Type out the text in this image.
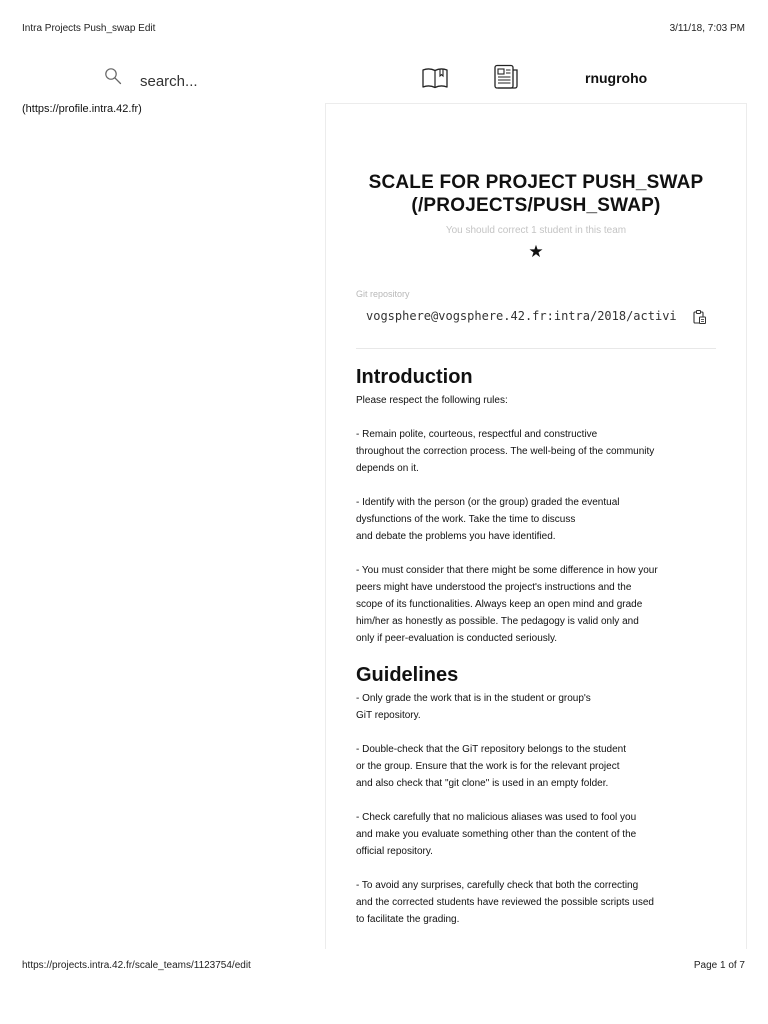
Intra Projects Push_swap Edit	3/11/18, 7:03 PM
search...
rnugroho
(https://profile.intra.42.fr)
SCALE FOR PROJECT PUSH_SWAP
(/PROJECTS/PUSH_SWAP)
You should correct 1 student in this team
★
Git repository
vogsphere@vogsphere.42.fr:intra/2018/activi
Introduction

Please respect the following rules:

- Remain polite, courteous, respectful and constructive
throughout the correction process. The well-being of the community
depends on it.

- Identify with the person (or the group) graded the eventual
dysfunctions of the work. Take the time to discuss
and debate the problems you have identified.

- You must consider that there might be some difference in how your
peers might have understood the project's instructions and the
scope of its functionalities. Always keep an open mind and grade
him/her as honestly as possible. The pedagogy is valid only and
only if peer-evaluation is conducted seriously.

Guidelines

- Only grade the work that is in the student or group's
GiT repository.

- Double-check that the GiT repository belongs to the student
or the group. Ensure that the work is for the relevant project
and also check that "git clone" is used in an empty folder.

- Check carefully that no malicious aliases was used to fool you
and make you evaluate something other than the content of the
official repository.

- To avoid any surprises, carefully check that both the correcting
and the corrected students have reviewed the possible scripts used
to facilitate the grading.

https://projects.intra.42.fr/scale_teams/1123754/edit	Page 1 of 7
